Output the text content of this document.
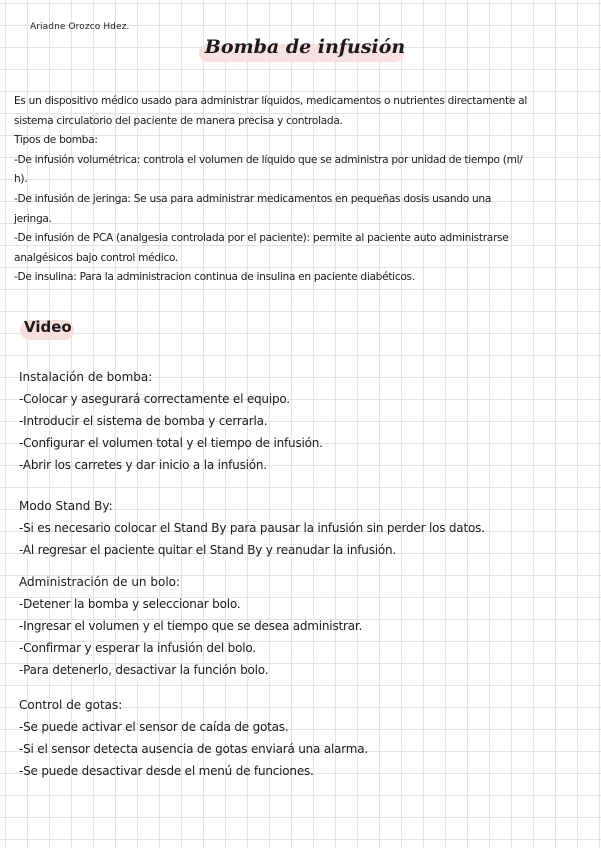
Ariadne Orozco Hdez.
Bomba de infusión

Es un dispositivo médico usado para administrar líquidos, medicamentos o nutrientes directamente al

sistema circulatorio del paciente de manera precisa y controlada.

Tipos de bomba:

-De infusión volumétrica: controla el volumen de líquido que se administra por unidad de tiempo (ml/

h).

-De infusión de jeringa: Se usa para administrar medicamentos en pequeñas dosis usando una

jeringa.

-De infusión de PCA (analgesia controlada por el paciente): permite al paciente auto administrarse

analgésicos bajo control médico.

-De insulina: Para la administracion continua de insulina en paciente diabéticos.

Video

Instalación de bomba:

-Colocar y asegurará correctamente el equipo.

-Introducir el sistema de bomba y cerrarla.

-Configurar el volumen total y el tiempo de infusión.

-Abrir los carretes y dar inicio a la infusión.

Modo Stand By:

-Si es necesario colocar el Stand By para pausar la infusión sin perder los datos.

-Al regresar el paciente quitar el Stand By y reanudar la infusión.

Administración de un bolo:

-Detener la bomba y seleccionar bolo.

-Ingresar el volumen y el tiempo que se desea administrar.

-Confirmar y esperar la infusión del bolo.

-Para detenerlo, desactivar la función bolo.

Control de gotas:

-Se puede activar el sensor de caída de gotas.

-Si el sensor detecta ausencia de gotas enviará una alarma.

-Se puede desactivar desde el menú de funciones.
